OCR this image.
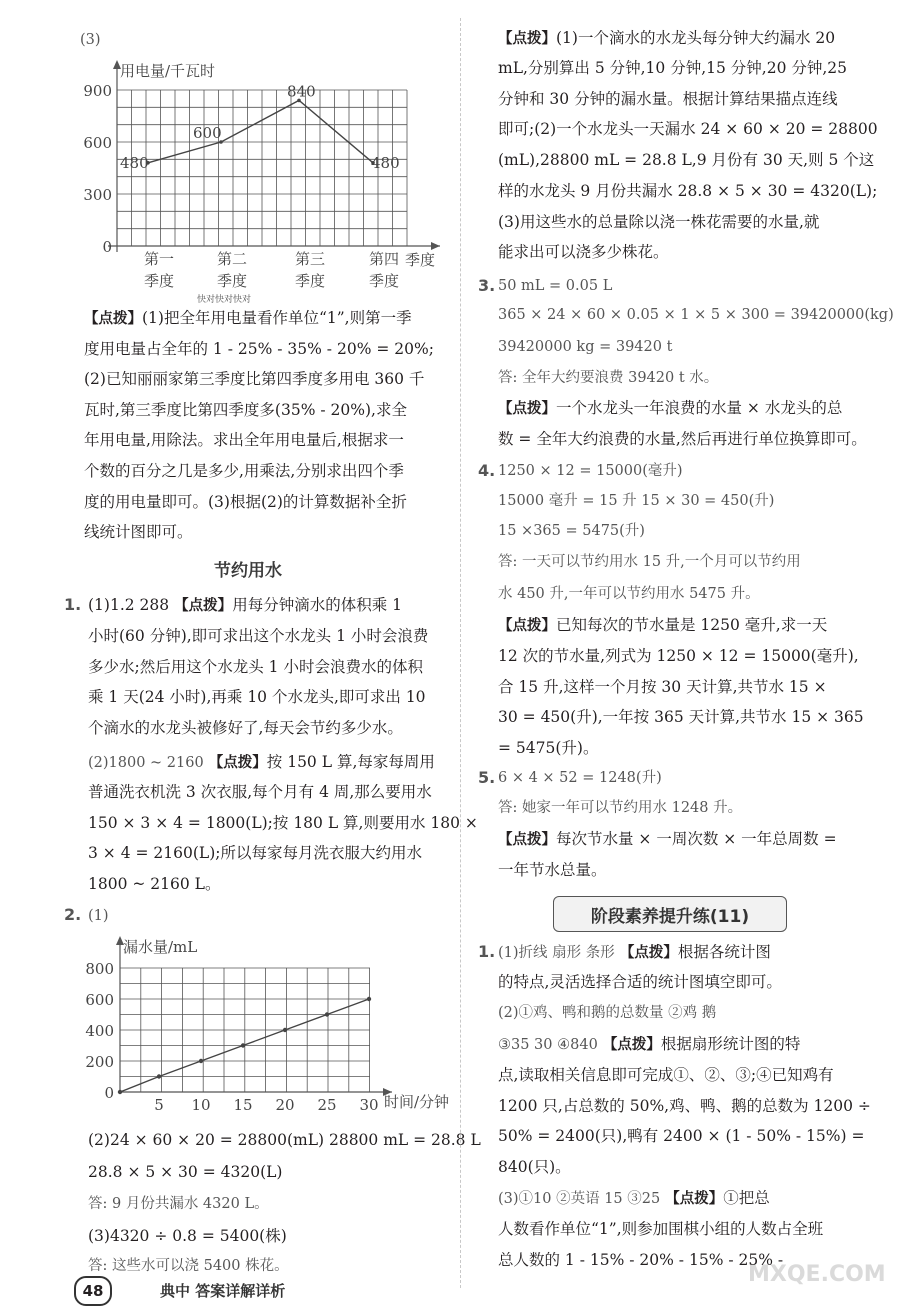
(3)
用电量/千瓦时
季度
0
300
600
900
第一
季度
第二
季度
第三
季度
第四
季度
480
600
840
480
快对快对快对
【点拨】(1)把全年用电量看作单位“1”,则第一季
度用电量占全年的 1 - 25% - 35% - 20% = 20%;
(2)已知丽丽家第三季度比第四季度多用电 360 千
瓦时,第三季度比第四季度多(35% - 20%),求全
年用电量,用除法。求出全年用电量后,根据求一
个数的百分之几是多少,用乘法,分别求出四个季
度的用电量即可。(3)根据(2)的计算数据补全折
线统计图即可。
节约用水
1. (1)1.2 288 【点拨】用每分钟滴水的体积乘 1
小时(60 分钟),即可求出这个水龙头 1 小时会浪费
多少水;然后用这个水龙头 1 小时会浪费水的体积
乘 1 天(24 小时),再乘 10 个水龙头,即可求出 10
个滴水的水龙头被修好了,每天会节约多少水。
(2)1800 ~ 2160 【点拨】按 150 L 算,每家每周用
普通洗衣机洗 3 次衣服,每个月有 4 周,那么要用水
150 × 3 × 4 = 1800(L);按 180 L 算,则要用水 180 ×
3 × 4 = 2160(L);所以每家每月洗衣服大约用水
1800 ~ 2160 L。
2. (1)
漏水量/mL
时间/分钟
0
200
400
600
800
5 10 15 20 25 30
(2)24 × 60 × 20 = 28800(mL) 28800 mL = 28.8 L
28.8 × 5 × 30 = 4320(L)
答: 9 月份共漏水 4320 L。
(3)4320 ÷ 0.8 = 5400(株)
答: 这些水可以浇 5400 株花。
【点拨】(1)一个滴水的水龙头每分钟大约漏水 20
mL,分别算出 5 分钟,10 分钟,15 分钟,20 分钟,25
分钟和 30 分钟的漏水量。根据计算结果描点连线
即可;(2)一个水龙头一天漏水 24 × 60 × 20 = 28800
(mL),28800 mL = 28.8 L,9 月份有 30 天,则 5 个这
样的水龙头 9 月份共漏水 28.8 × 5 × 30 = 4320(L);
(3)用这些水的总量除以浇一株花需要的水量,就
能求出可以浇多少株花。
3. 50 mL = 0.05 L
365 × 24 × 60 × 0.05 × 1 × 5 × 300 = 39420000(kg)
39420000 kg = 39420 t
答: 全年大约要浪费 39420 t 水。
【点拨】一个水龙头一年浪费的水量 × 水龙头的总
数 = 全年大约浪费的水量,然后再进行单位换算即可。
4. 1250 × 12 = 15000(毫升)
15000 毫升 = 15 升 15 × 30 = 450(升)
15 ×365 = 5475(升)
答: 一天可以节约用水 15 升,一个月可以节约用
水 450 升,一年可以节约用水 5475 升。
【点拨】已知每次的节水量是 1250 毫升,求一天
12 次的节水量,列式为 1250 × 12 = 15000(毫升),
合 15 升,这样一个月按 30 天计算,共节水 15 ×
30 = 450(升),一年按 365 天计算,共节水 15 × 365
= 5475(升)。
5. 6 × 4 × 52 = 1248(升)
答: 她家一年可以节约用水 1248 升。
【点拨】每次节水量 × 一周次数 × 一年总周数 =
一年节水总量。
1. (1)折线 扇形 条形 【点拨】根据各统计图
的特点,灵活选择合适的统计图填空即可。
(2)①鸡、鸭和鹅的总数量 ②鸡 鹅
③35 30 ④840 【点拨】根据扇形统计图的特
点,读取相关信息即可完成①、②、③;④已知鸡有
1200 只,占总数的 50%,鸡、鸭、鹅的总数为 1200 ÷
50% = 2400(只),鸭有 2400 × (1 - 50% - 15%) =
840(只)。
(3)①10 ②英语 15 ③25 【点拨】①把总
人数看作单位“1”,则参加围棋小组的人数占全班
总人数的 1 - 15% - 20% - 15% - 25% -
阶段素养提升练(11)
48	典中 答案详解详析
MXQE.COM
